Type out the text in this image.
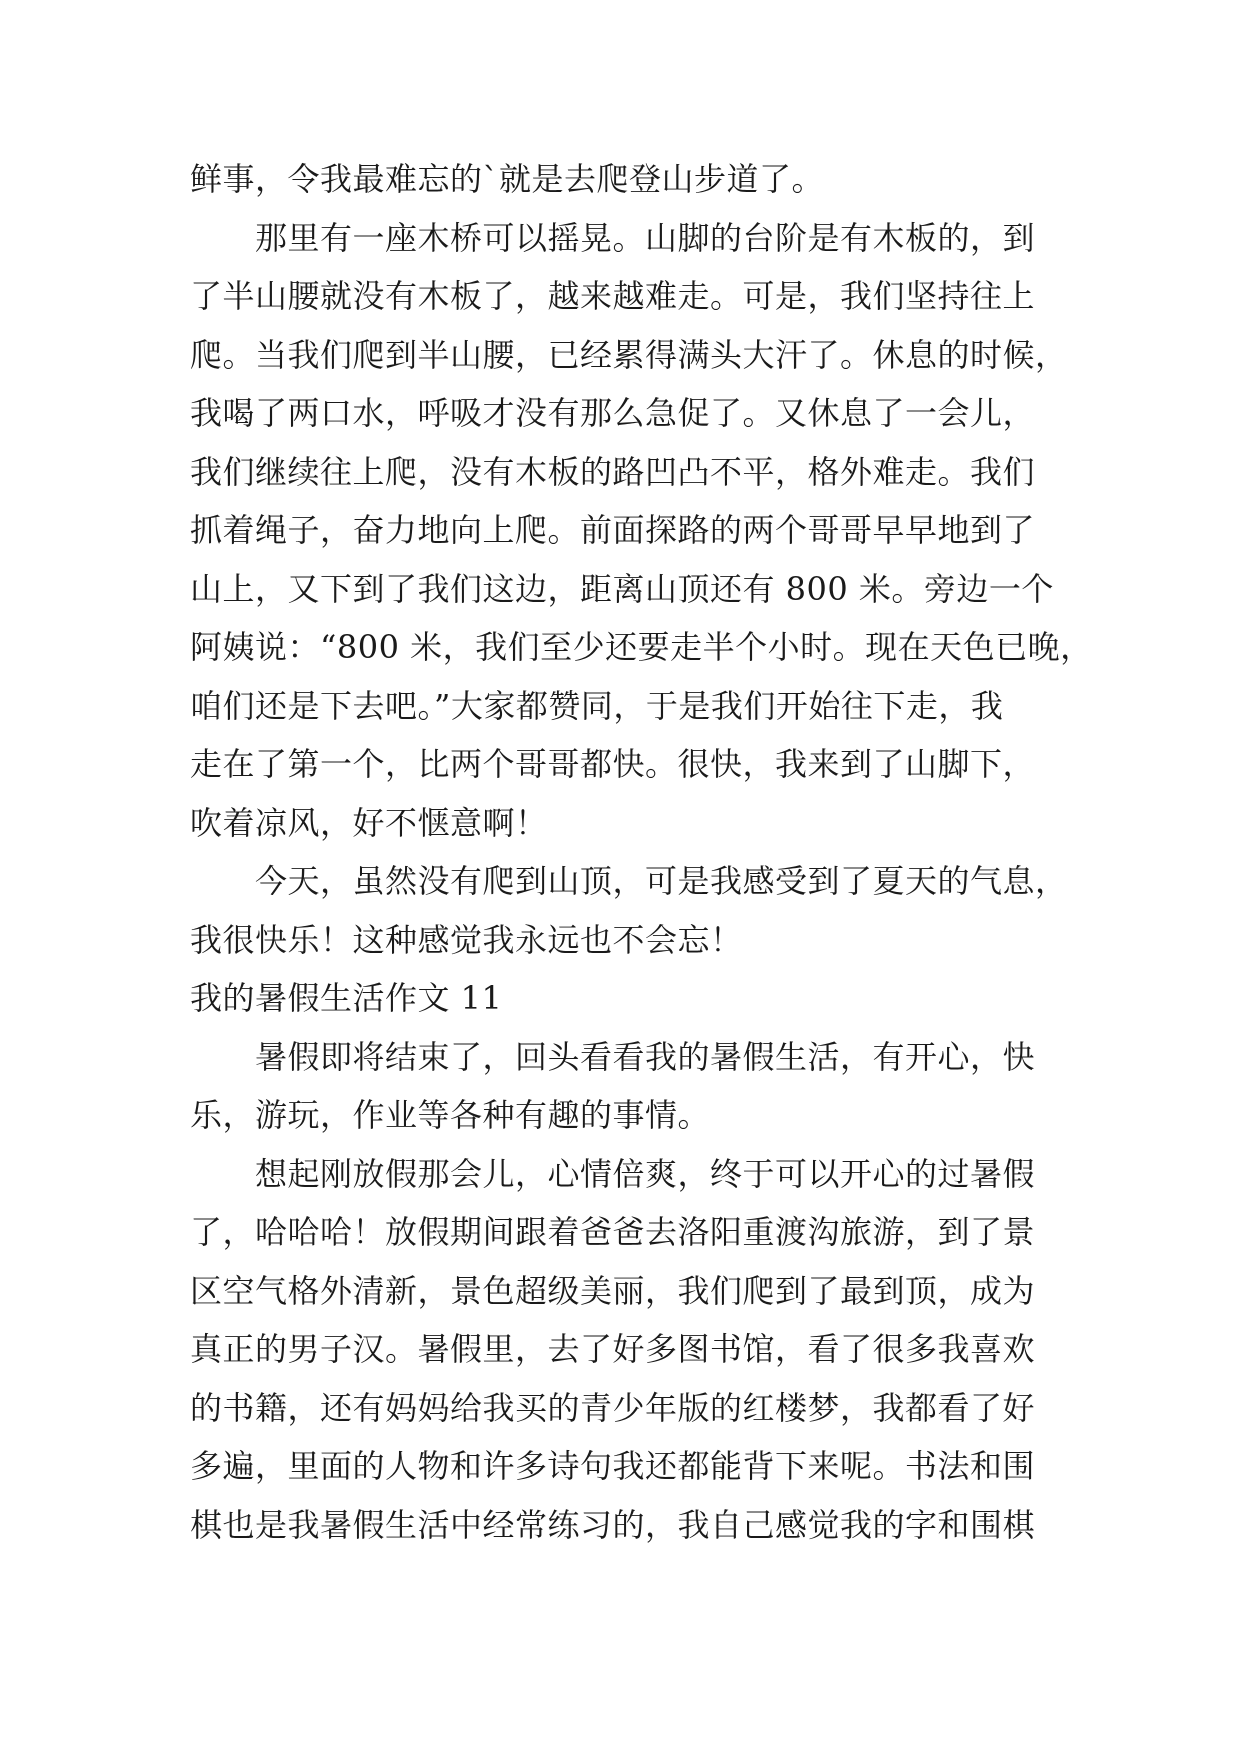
鲜事，令我最难忘的`就是去爬登山步道了。

　　那里有一座木桥可以摇晃。山脚的台阶是有木板的，到

了半山腰就没有木板了，越来越难走。可是，我们坚持往上

爬。当我们爬到半山腰，已经累得满头大汗了。休息的时候，

我喝了两口水，呼吸才没有那么急促了。又休息了一会儿，

我们继续往上爬，没有木板的路凹凸不平，格外难走。我们

抓着绳子，奋力地向上爬。前面探路的两个哥哥早早地到了

山上，又下到了我们这边，距离山顶还有 800 米。旁边一个

阿姨说：“800 米，我们至少还要走半个小时。现在天色已晚，

咱们还是下去吧。”大家都赞同，于是我们开始往下走，我

走在了第一个，比两个哥哥都快。很快，我来到了山脚下，

吹着凉风，好不惬意啊！

　　今天，虽然没有爬到山顶，可是我感受到了夏天的气息，

我很快乐！这种感觉我永远也不会忘！

我的暑假生活作文 11

　　暑假即将结束了，回头看看我的暑假生活，有开心，快

乐，游玩，作业等各种有趣的事情。

　　想起刚放假那会儿，心情倍爽，终于可以开心的过暑假

了，哈哈哈！放假期间跟着爸爸去洛阳重渡沟旅游，到了景

区空气格外清新，景色超级美丽，我们爬到了最到顶，成为

真正的男子汉。暑假里，去了好多图书馆，看了很多我喜欢

的书籍，还有妈妈给我买的青少年版的红楼梦，我都看了好

多遍，里面的人物和许多诗句我还都能背下来呢。书法和围

棋也是我暑假生活中经常练习的，我自己感觉我的字和围棋
